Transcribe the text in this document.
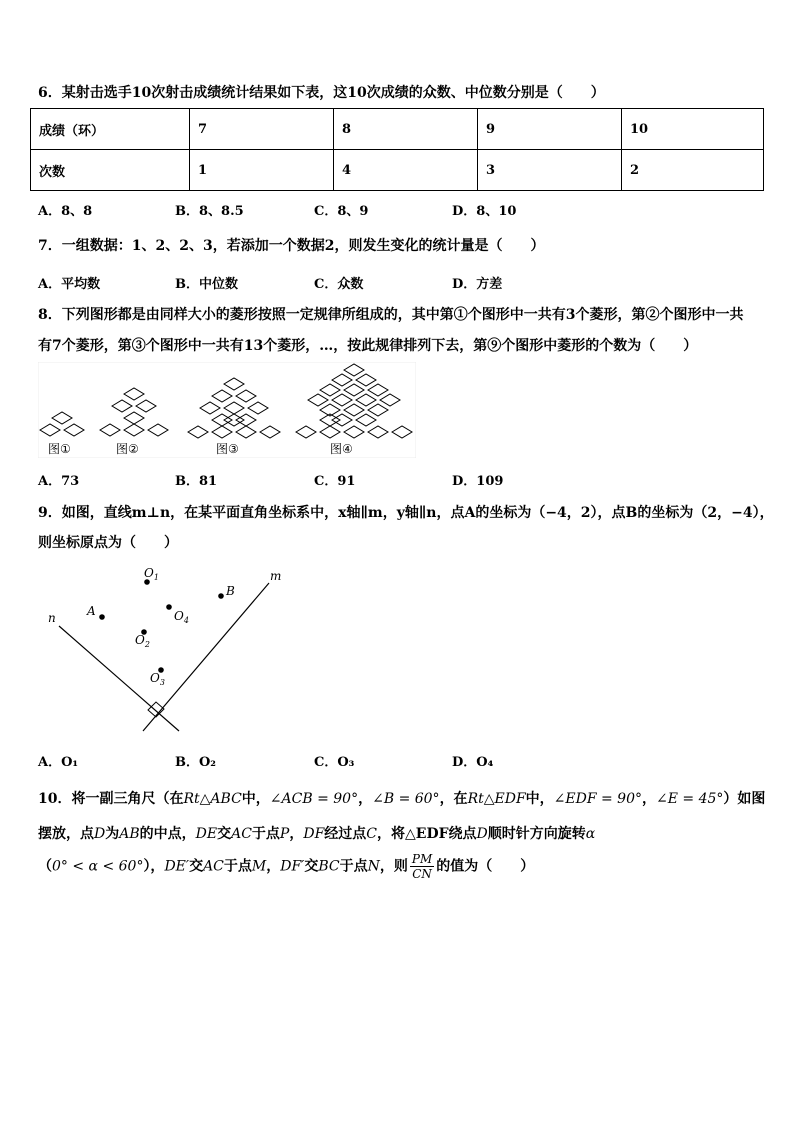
6．某射击选手10次射击成绩统计结果如下表，这10次成绩的众数、中位数分别是（　　）
成绩（环）	7	8	9	10
次数	1	4	3	2
A．8、8	B．8、8.5	C．8、9	D．8、10
7．一组数据：1、2、2、3，若添加一个数据2，则发生变化的统计量是（　　）
A．平均数	B．中位数	C．众数	D．方差
8．下列图形都是由同样大小的菱形按照一定规律所组成的，其中第①个图形中一共有3个菱形，第②个图形中一共
有7个菱形，第③个图形中一共有13个菱形，…，按此规律排列下去，第⑨个图形中菱形的个数为（　　）
图①	图②	图③	图④
A．73	B．81	C．91	D．109
9．如图，直线m⊥n，在某平面直角坐标系中，x轴∥m，y轴∥n，点A的坐标为（−4，2），点B的坐标为（2，−4），
则坐标原点为（　　）
n
m
A
B
$O_1$
$O_4$
$O_2$
$O_3$
A．O₁	B．O₂	C．O₃	D．O₄
10．将一副三角尺（在Rt△ABC中，∠ACB = 90°，∠B = 60°，在Rt△EDF中，∠EDF = 90°，∠E = 45°）如图
摆放，点D为AB的中点，DE交AC于点P，DF经过点C，将△EDF绕点D顺时针方向旋转α
（0° < α < 60°），DE′交AC于点M，DF′交BC于点N，则 $\frac{PM}{CN}$ 的值为（　　）
